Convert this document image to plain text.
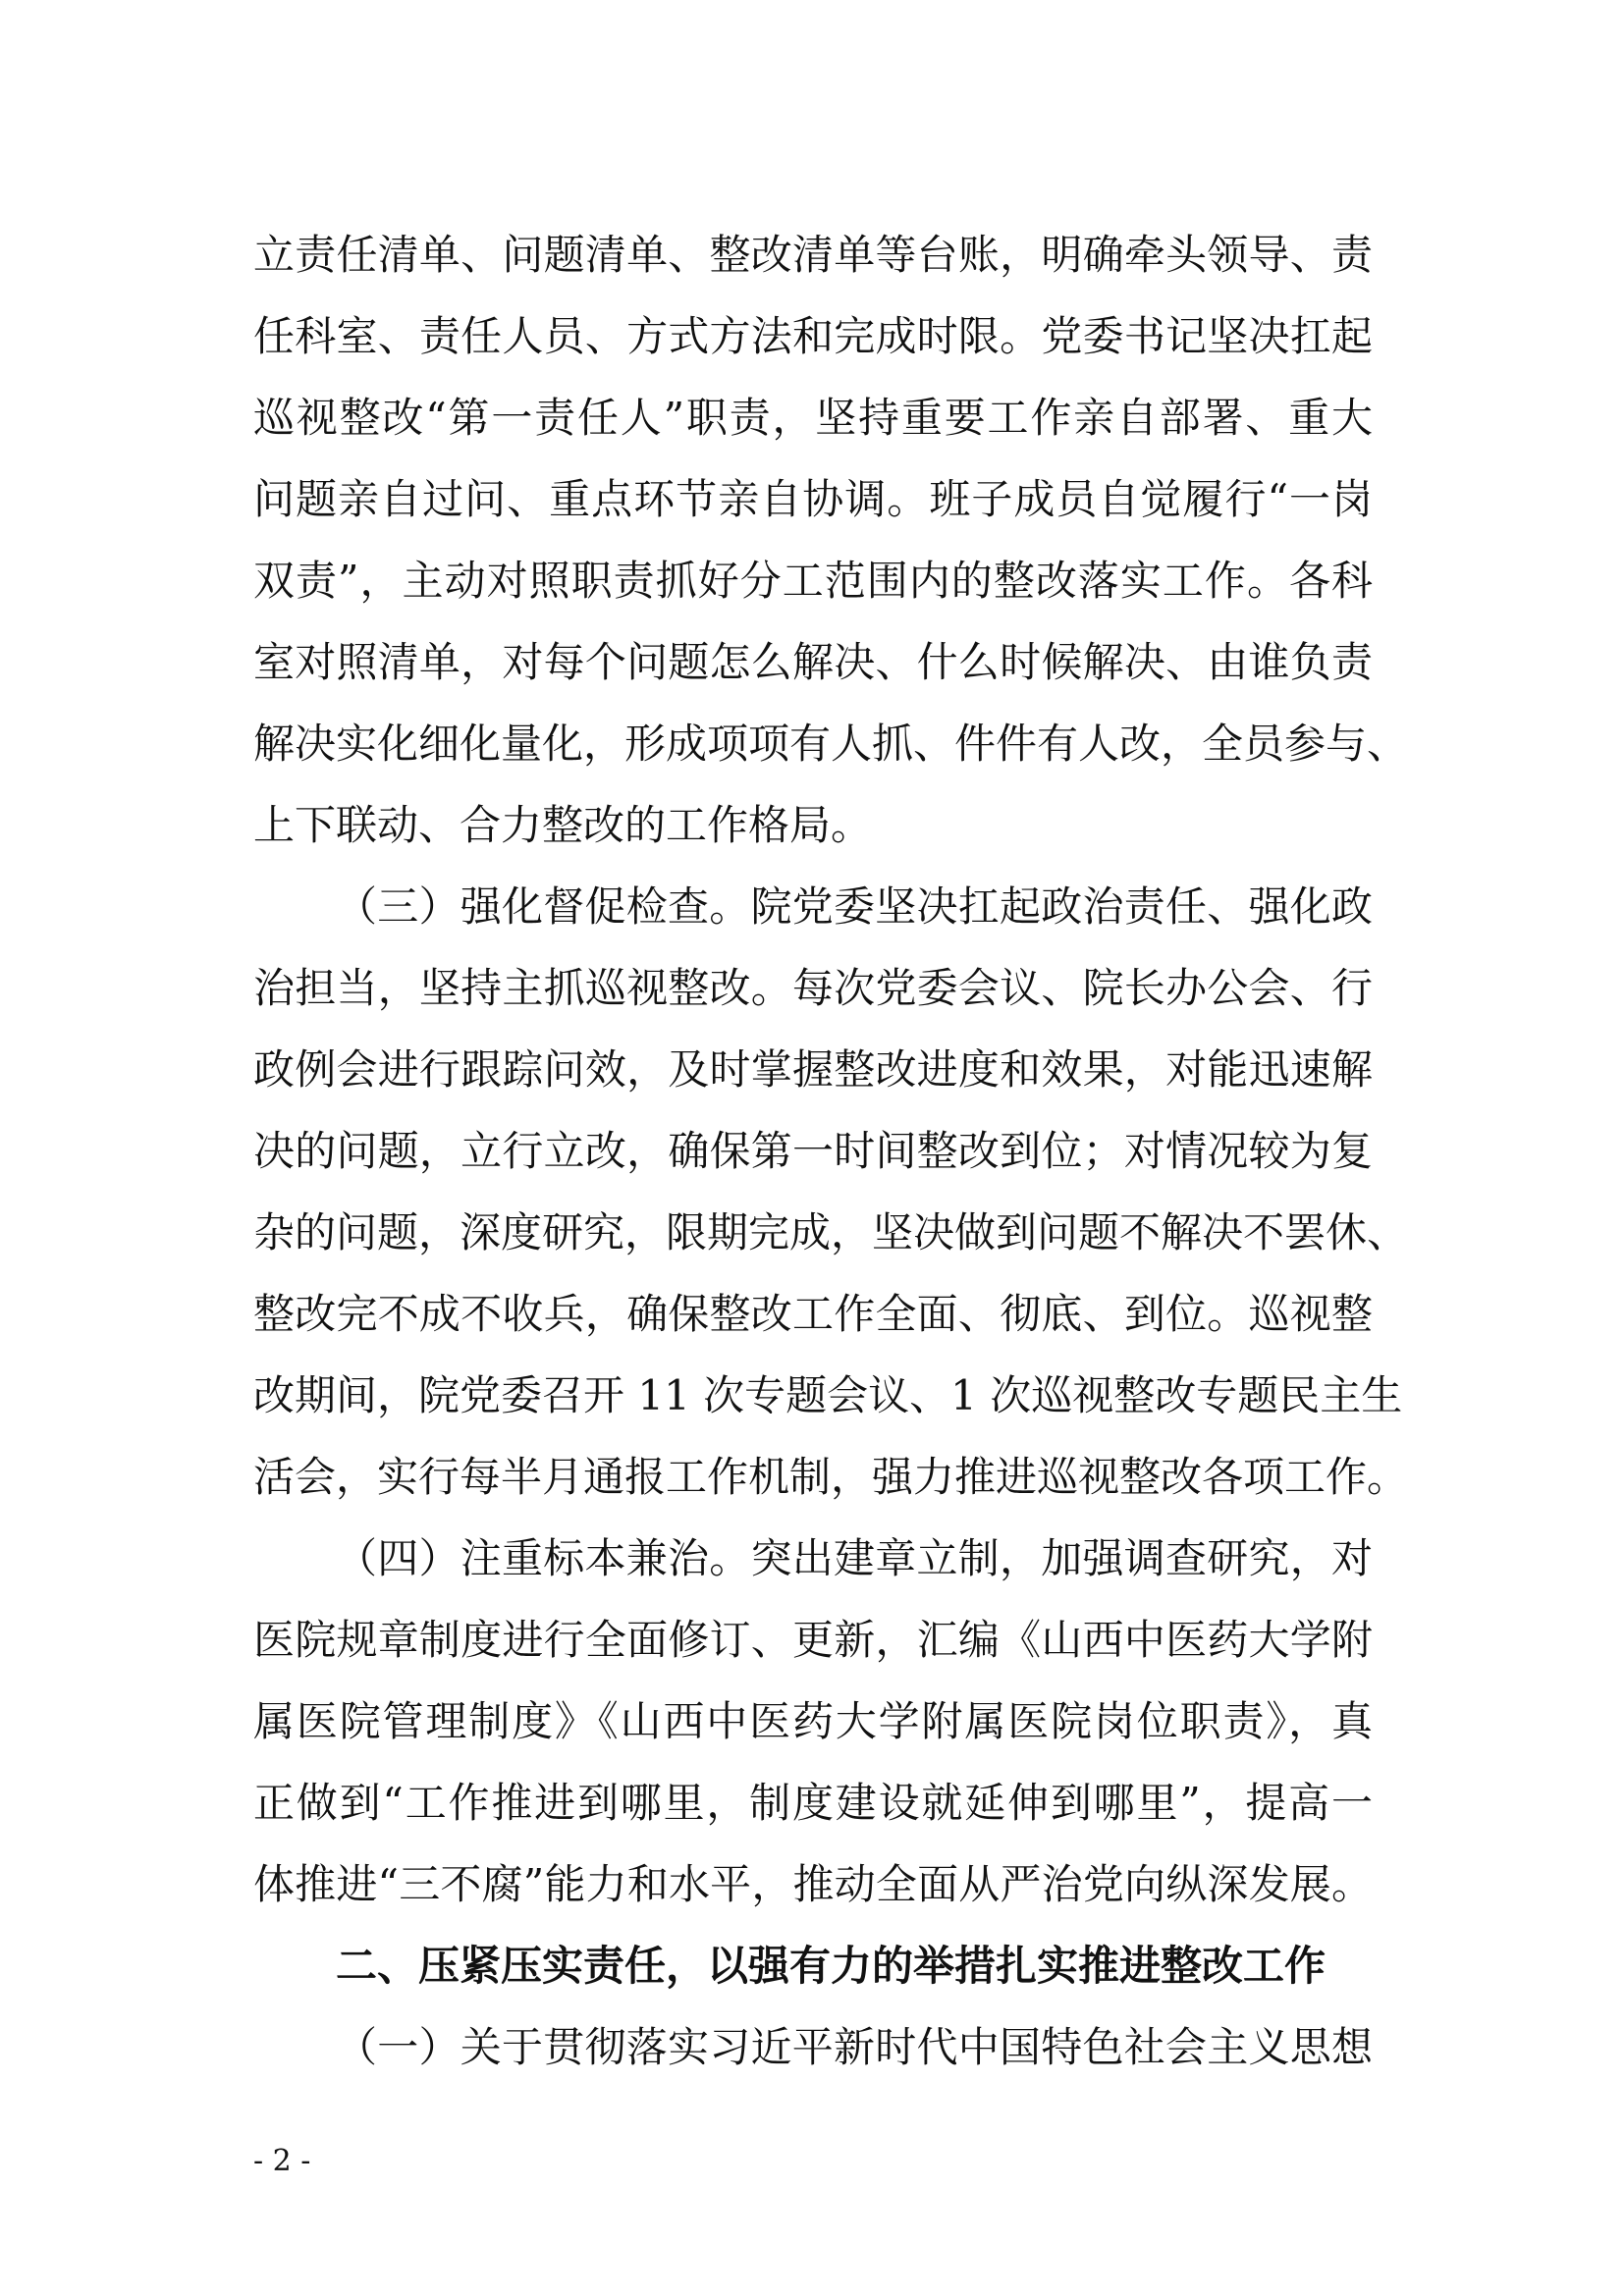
立责任清单、问题清单、整改清单等台账，明确牵头领导、责
任科室、责任人员、方式方法和完成时限。党委书记坚决扛起
巡视整改“第一责任人”职责，坚持重要工作亲自部署、重大
问题亲自过问、重点环节亲自协调。班子成员自觉履行“一岗
双责”，主动对照职责抓好分工范围内的整改落实工作。各科
室对照清单，对每个问题怎么解决、什么时候解决、由谁负责
解决实化细化量化，形成项项有人抓、件件有人改，全员参与、
上下联动、合力整改的工作格局。
（三）强化督促检查。院党委坚决扛起政治责任、强化政
治担当，坚持主抓巡视整改。每次党委会议、院长办公会、行
政例会进行跟踪问效，及时掌握整改进度和效果，对能迅速解
决的问题，立行立改，确保第一时间整改到位；对情况较为复
杂的问题，深度研究，限期完成，坚决做到问题不解决不罢休、
整改完不成不收兵，确保整改工作全面、彻底、到位。巡视整
改期间，院党委召开 11 次专题会议、1 次巡视整改专题民主生
活会，实行每半月通报工作机制，强力推进巡视整改各项工作。
（四）注重标本兼治。突出建章立制，加强调查研究，对
医院规章制度进行全面修订、更新，汇编《山西中医药大学附
属医院管理制度》《山西中医药大学附属医院岗位职责》，真
正做到“工作推进到哪里，制度建设就延伸到哪里”，提高一
体推进“三不腐”能力和水平，推动全面从严治党向纵深发展。
二、压紧压实责任，以强有力的举措扎实推进整改工作
（一）关于贯彻落实习近平新时代中国特色社会主义思想
- 2 -
